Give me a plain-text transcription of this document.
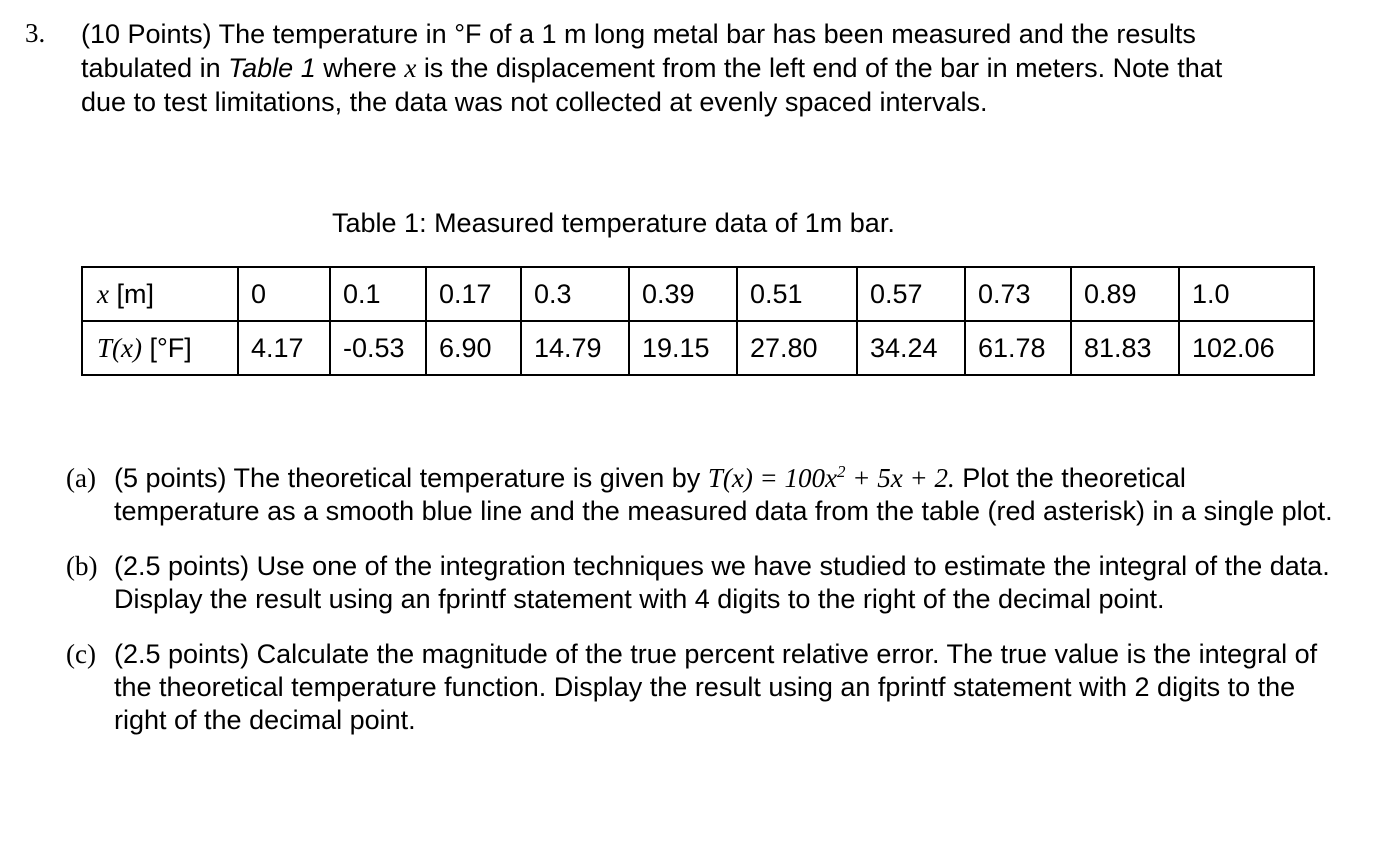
3. (10 Points) The temperature in °F of a 1 m long metal bar has been measured and the results tabulated in Table 1 where x is the displacement from the left end of the bar in meters. Note that due to test limitations, the data was not collected at evenly spaced intervals.

Table 1: Measured temperature data of 1m bar.
x [m]	0	0.1	0.17	0.3	0.39	0.51	0.57	0.73	0.89	1.0
T(x) [°F]	4.17	-0.53	6.90	14.79	19.15	27.80	34.24	61.78	81.83	102.06
(a) (5 points) The theoretical temperature is given by $T(x) = 100x^2 + 5x + 2$. Plot the theoretical temperature as a smooth blue line and the measured data from the table (red asterisk) in a single plot.
(b) (2.5 points) Use one of the integration techniques we have studied to estimate the integral of the data. Display the result using an fprintf statement with 4 digits to the right of the decimal point.
(c) (2.5 points) Calculate the magnitude of the true percent relative error. The true value is the integral of the theoretical temperature function. Display the result using an fprintf statement with 2 digits to the right of the decimal point.
